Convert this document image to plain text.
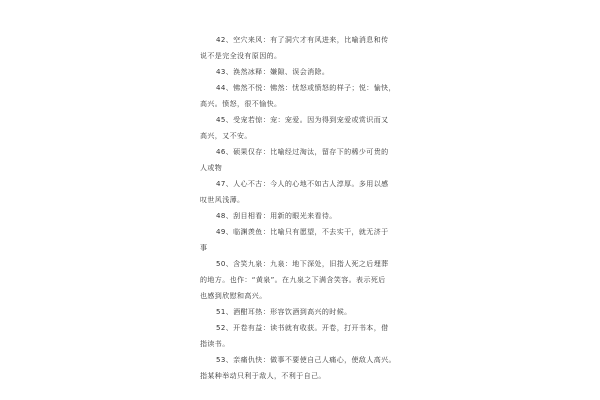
42、空穴来风：有了洞穴才有风进来，比喻消息和传
说不是完全没有原因的。

43、涣然冰释：嫌隙、误会消除。

44、怫然不悦：怫然：忧怒或愤怒的样子；悦：愉快，
高兴。愤怒，很不愉快。

45、受宠若惊：宠：宠爱。因为得到宠爱或赏识而又
高兴，又不安。

46、硕果仅存：比喻经过淘汰，留存下的稀少可贵的
人或物

47、人心不古：今人的心地不如古人淳厚。多用以感
叹世风浅薄。

48、刮目相看：用新的眼光来看待。

49、临渊羡鱼：比喻只有愿望，不去实干，就无济于
事

50、含笑九泉：九泉：地下深处，旧指人死之后埋葬
的地方。也作：“黄泉”。在九泉之下满含笑容。表示死后
也感到欣慰和高兴。

51、酒酣耳热：形容饮酒到高兴的时候。

52、开卷有益：读书就有收获。开卷，打开书本，借
指读书。

53、亲痛仇快：做事不要使自己人痛心，使敌人高兴。
指某种举动只利于敌人，不利于自己。
